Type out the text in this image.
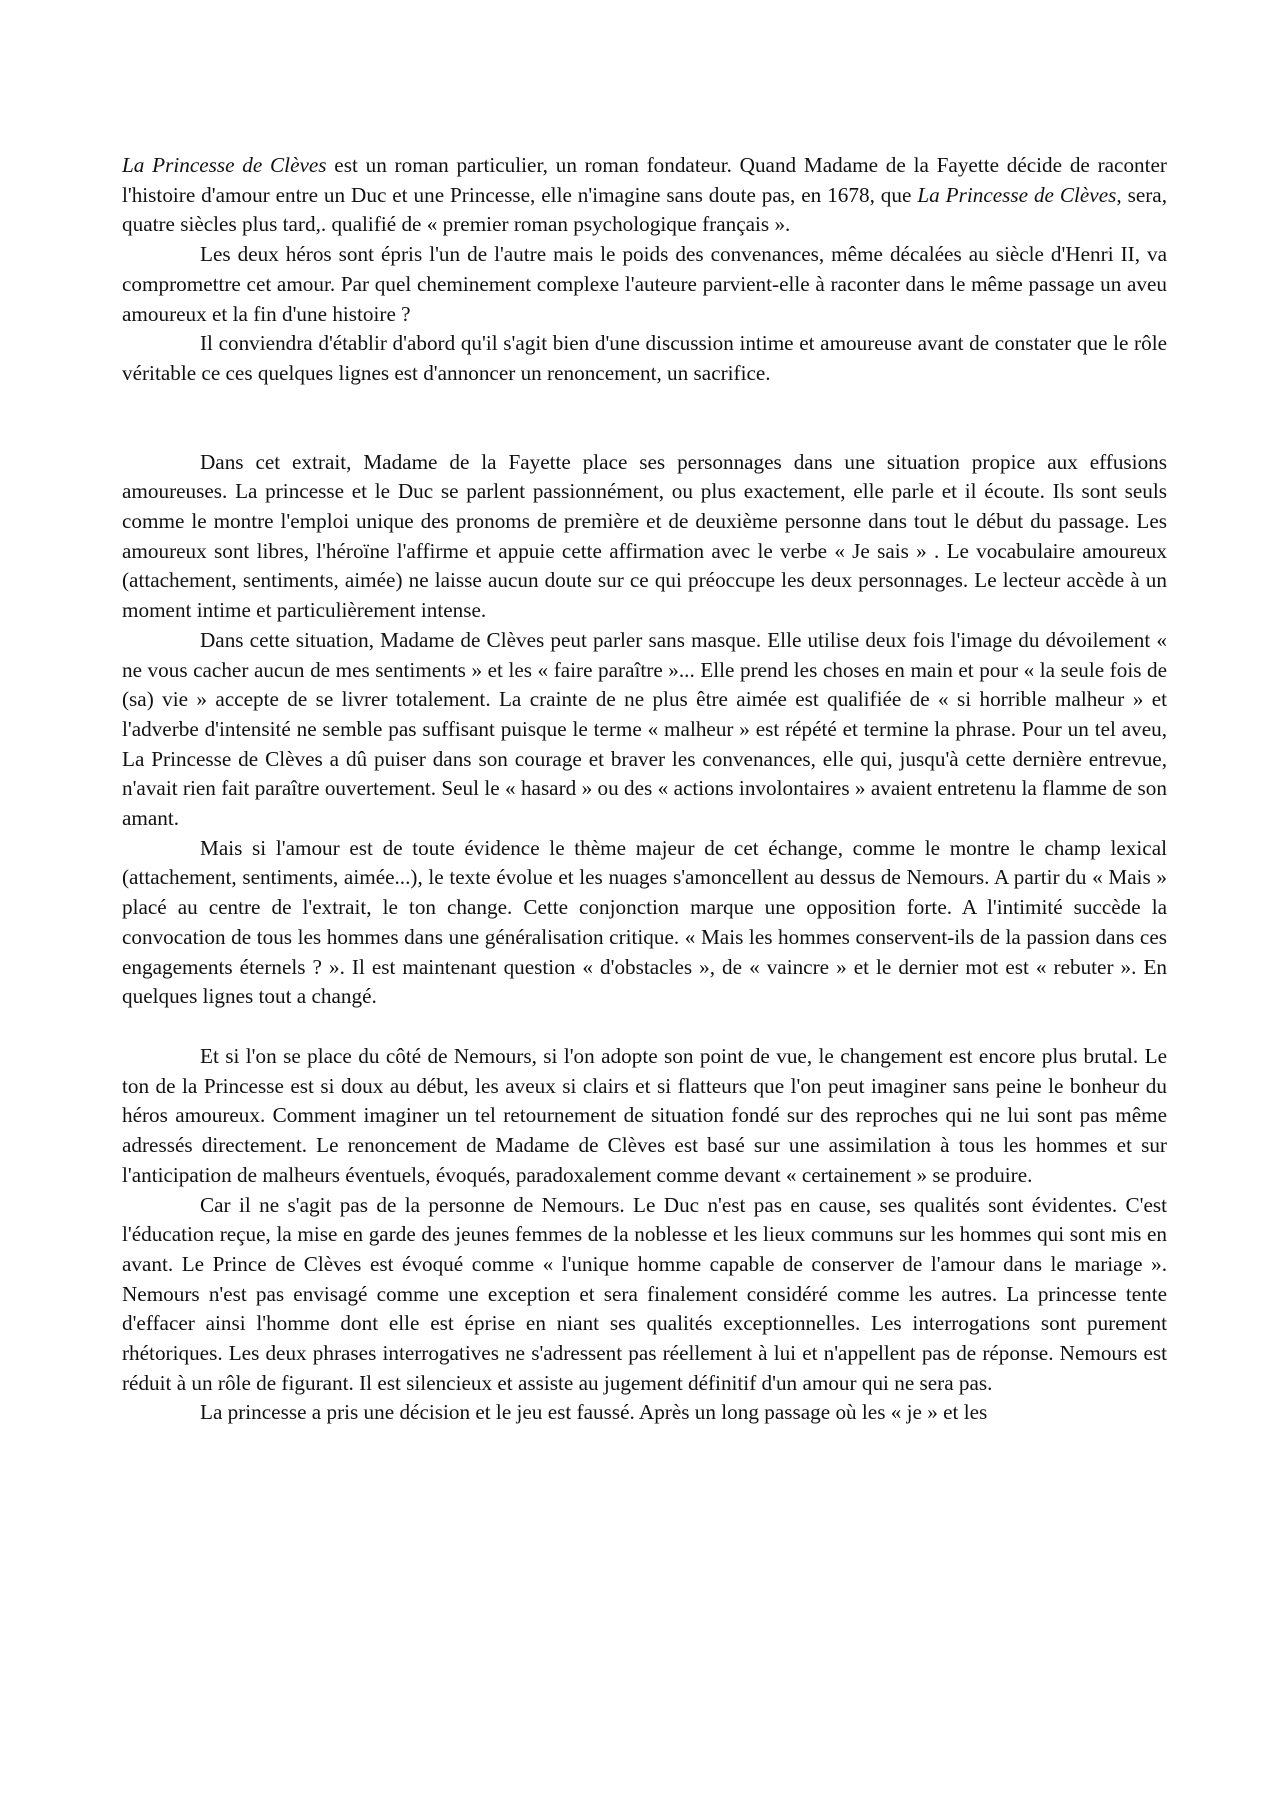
La Princesse de Clèves est un roman particulier, un roman fondateur. Quand Madame de la Fayette décide de raconter l'histoire d'amour entre un Duc et une Princesse, elle n'imagine sans doute pas, en 1678, que La Princesse de Clèves, sera, quatre siècles plus tard,. qualifié de « premier roman psychologique français ».

Les deux héros sont épris l'un de l'autre mais le poids des convenances, même décalées au siècle d'Henri II, va compromettre cet amour. Par quel cheminement complexe l'auteure parvient-elle à raconter dans le même passage un aveu amoureux et la fin d'une histoire ?

Il conviendra d'établir d'abord qu'il s'agit bien d'une discussion intime et amoureuse avant de constater que le rôle véritable ce ces quelques lignes est d'annoncer un renoncement, un sacrifice.

Dans cet extrait, Madame de la Fayette place ses personnages dans une situation propice aux effusions amoureuses. La princesse et le Duc se parlent passionnément, ou plus exactement, elle parle et il écoute. Ils sont seuls comme le montre l'emploi unique des pronoms de première et de deuxième personne dans tout le début du passage. Les amoureux sont libres, l'héroïne l'affirme et appuie cette affirmation avec le verbe « Je sais » . Le vocabulaire amoureux (attachement, sentiments, aimée) ne laisse aucun doute sur ce qui préoccupe les deux personnages. Le lecteur accède à un moment intime et particulièrement intense.

Dans cette situation, Madame de Clèves peut parler sans masque. Elle utilise deux fois l'image du dévoilement « ne vous cacher aucun de mes sentiments » et les « faire paraître »... Elle prend les choses en main et pour « la seule fois de (sa) vie » accepte de se livrer totalement. La crainte de ne plus être aimée est qualifiée de « si horrible malheur » et l'adverbe d'intensité ne semble pas suffisant puisque le terme « malheur » est répété et termine la phrase. Pour un tel aveu, La Princesse de Clèves a dû puiser dans son courage et braver les convenances, elle qui, jusqu'à cette dernière entrevue, n'avait rien fait paraître ouvertement. Seul le « hasard » ou des « actions involontaires » avaient entretenu la flamme de son amant.

Mais si l'amour est de toute évidence le thème majeur de cet échange, comme le montre le champ lexical (attachement, sentiments, aimée...), le texte évolue et les nuages s'amoncellent au dessus de Nemours. A partir du « Mais » placé au centre de l'extrait, le ton change. Cette conjonction marque une opposition forte. A l'intimité succède la convocation de tous les hommes dans une généralisation critique. « Mais les hommes conservent-ils de la passion dans ces engagements éternels ? ». Il est maintenant question « d'obstacles », de « vaincre » et le dernier mot est « rebuter ». En quelques lignes tout a changé.

Et si l'on se place du côté de Nemours, si l'on adopte son point de vue, le changement est encore plus brutal. Le ton de la Princesse est si doux au début, les aveux si clairs et si flatteurs que l'on peut imaginer sans peine le bonheur du héros amoureux. Comment imaginer un tel retournement de situation fondé sur des reproches qui ne lui sont pas même adressés directement. Le renoncement de Madame de Clèves est basé sur une assimilation à tous les hommes et sur l'anticipation de malheurs éventuels, évoqués, paradoxalement comme devant « certainement » se produire.

Car il ne s'agit pas de la personne de Nemours. Le Duc n'est pas en cause, ses qualités sont évidentes. C'est l'éducation reçue, la mise en garde des jeunes femmes de la noblesse et les lieux communs sur les hommes qui sont mis en avant. Le Prince de Clèves est évoqué comme « l'unique homme capable de conserver de l'amour dans le mariage ». Nemours n'est pas envisagé comme une exception et sera finalement considéré comme les autres. La princesse tente d'effacer ainsi l'homme dont elle est éprise en niant ses qualités exceptionnelles. Les interrogations sont purement rhétoriques. Les deux phrases interrogatives ne s'adressent pas réellement à lui et n'appellent pas de réponse. Nemours est réduit à un rôle de figurant. Il est silencieux et assiste au jugement définitif d'un amour qui ne sera pas.

La princesse a pris une décision et le jeu est faussé. Après un long passage où les « je » et les
